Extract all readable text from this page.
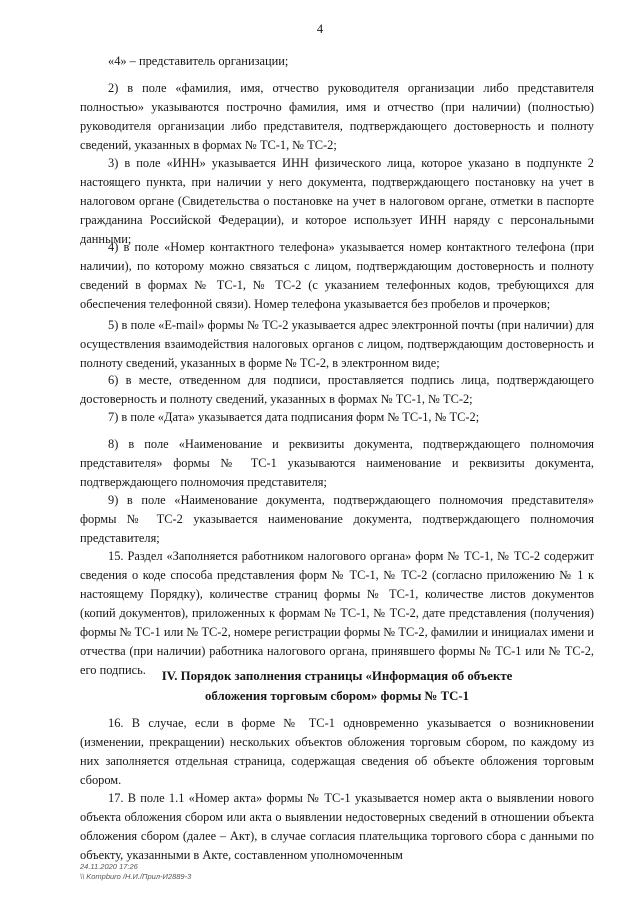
4

«4» – представитель организации;

2) в поле «фамилия, имя, отчество руководителя организации либо представителя полностью» указываются построчно фамилия, имя и отчество (при наличии) (полностью) руководителя организации либо представителя, подтверждающего достоверность и полноту сведений, указанных в формах № ТС-1, № ТС-2;

3) в поле «ИНН» указывается ИНН физического лица, которое указано в подпункте 2 настоящего пункта, при наличии у него документа, подтверждающего постановку на учет в налоговом органе (Свидетельства о постановке на учет в налоговом органе, отметки в паспорте гражданина Российской Федерации), и которое использует ИНН наряду с персональными данными;

4) в поле «Номер контактного телефона» указывается номер контактного телефона (при наличии), по которому можно связаться с лицом, подтверждающим достоверность и полноту сведений в формах № ТС-1, № ТС-2 (с указанием телефонных кодов, требующихся для обеспечения телефонной связи). Номер телефона указывается без пробелов и прочерков;

5) в поле «E-mail» формы № ТС-2 указывается адрес электронной почты (при наличии) для осуществления взаимодействия налоговых органов с лицом, подтверждающим достоверность и полноту сведений, указанных в форме № ТС-2, в электронном виде;

6) в месте, отведенном для подписи, проставляется подпись лица, подтверждающего достоверность и полноту сведений, указанных в формах № ТС-1, № ТС-2;

7) в поле «Дата» указывается дата подписания форм № ТС-1, № ТС-2;

8) в поле «Наименование и реквизиты документа, подтверждающего полномочия представителя» формы № ТС-1 указываются наименование и реквизиты документа, подтверждающего полномочия представителя;

9) в поле «Наименование документа, подтверждающего полномочия представителя» формы № ТС-2 указывается наименование документа, подтверждающего полномочия представителя;

15. Раздел «Заполняется работником налогового органа» форм № ТС-1, № ТС-2 содержит сведения о коде способа представления форм № ТС-1, № ТС-2 (согласно приложению № 1 к настоящему Порядку), количестве страниц формы № ТС-1, количестве листов документов (копий документов), приложенных к формам № ТС-1, № ТС-2, дате представления (получения) формы № ТС-1 или № ТС-2, номере регистрации формы № ТС-2, фамилии и инициалах имени и отчества (при наличии) работника налогового органа, принявшего формы № ТС-1 или № ТС-2, его подпись.	IV. Порядок заполнения страницы «Информация об объекте
обложения торговым сбором» формы № ТС-1

16. В случае, если в форме № ТС-1 одновременно указывается о возникновении (изменении, прекращении) нескольких объектов обложения торговым сбором, по каждому из них заполняется отдельная страница, содержащая сведения об объекте обложения торговым сбором.

17. В поле 1.1 «Номер акта» формы № ТС-1 указывается номер акта о выявлении нового объекта обложения сбором или акта о выявлении недостоверных сведений в отношении объекта обложения сбором (далее – Акт), в случае согласия плательщика торгового сбора с данными по объекту, указанными в Акте, составленном уполномоченным

24.11.2020 17:26
\\ Kompburo /Н.И./Прил-И2889-3
